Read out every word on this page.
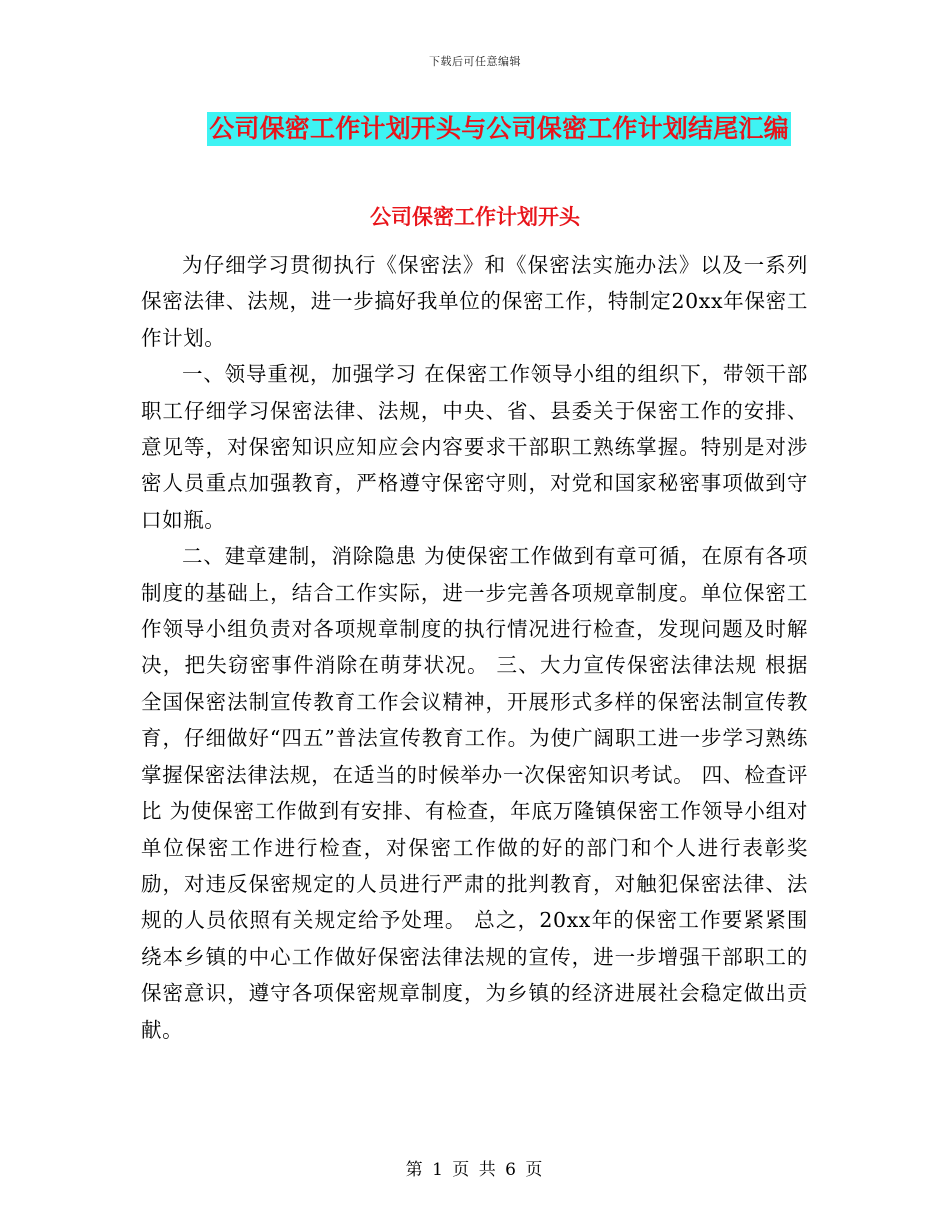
下载后可任意编辑
公司保密工作计划开头与公司保密工作计划结尾汇编
公司保密工作计划开头

为仔细学习贯彻执行《保密法》和《保密法实施办法》以及一系列保密法律、法规，进一步搞好我单位的保密工作，特制定20xx年保密工作计划。

一、领导重视，加强学习 在保密工作领导小组的组织下，带领干部职工仔细学习保密法律、法规，中央、省、县委关于保密工作的安排、意见等，对保密知识应知应会内容要求干部职工熟练掌握。特别是对涉密人员重点加强教育，严格遵守保密守则，对党和国家秘密事项做到守口如瓶。

二、建章建制，消除隐患 为使保密工作做到有章可循，在原有各项制度的基础上，结合工作实际，进一步完善各项规章制度。单位保密工作领导小组负责对各项规章制度的执行情况进行检查，发现问题及时解决，把失窃密事件消除在萌芽状况。 三、大力宣传保密法律法规 根据全国保密法制宣传教育工作会议精神，开展形式多样的保密法制宣传教育，仔细做好“四五”普法宣传教育工作。为使广阔职工进一步学习熟练掌握保密法律法规，在适当的时候举办一次保密知识考试。 四、检查评比 为使保密工作做到有安排、有检查，年底万隆镇保密工作领导小组对单位保密工作进行检查，对保密工作做的好的部门和个人进行表彰奖励，对违反保密规定的人员进行严肃的批判教育，对触犯保密法律、法规的人员依照有关规定给予处理。 总之，20xx年的保密工作要紧紧围绕本乡镇的中心工作做好保密法律法规的宣传，进一步增强干部职工的保密意识，遵守各项保密规章制度，为乡镇的经济进展社会稳定做出贡献。

第 1 页 共 6 页
